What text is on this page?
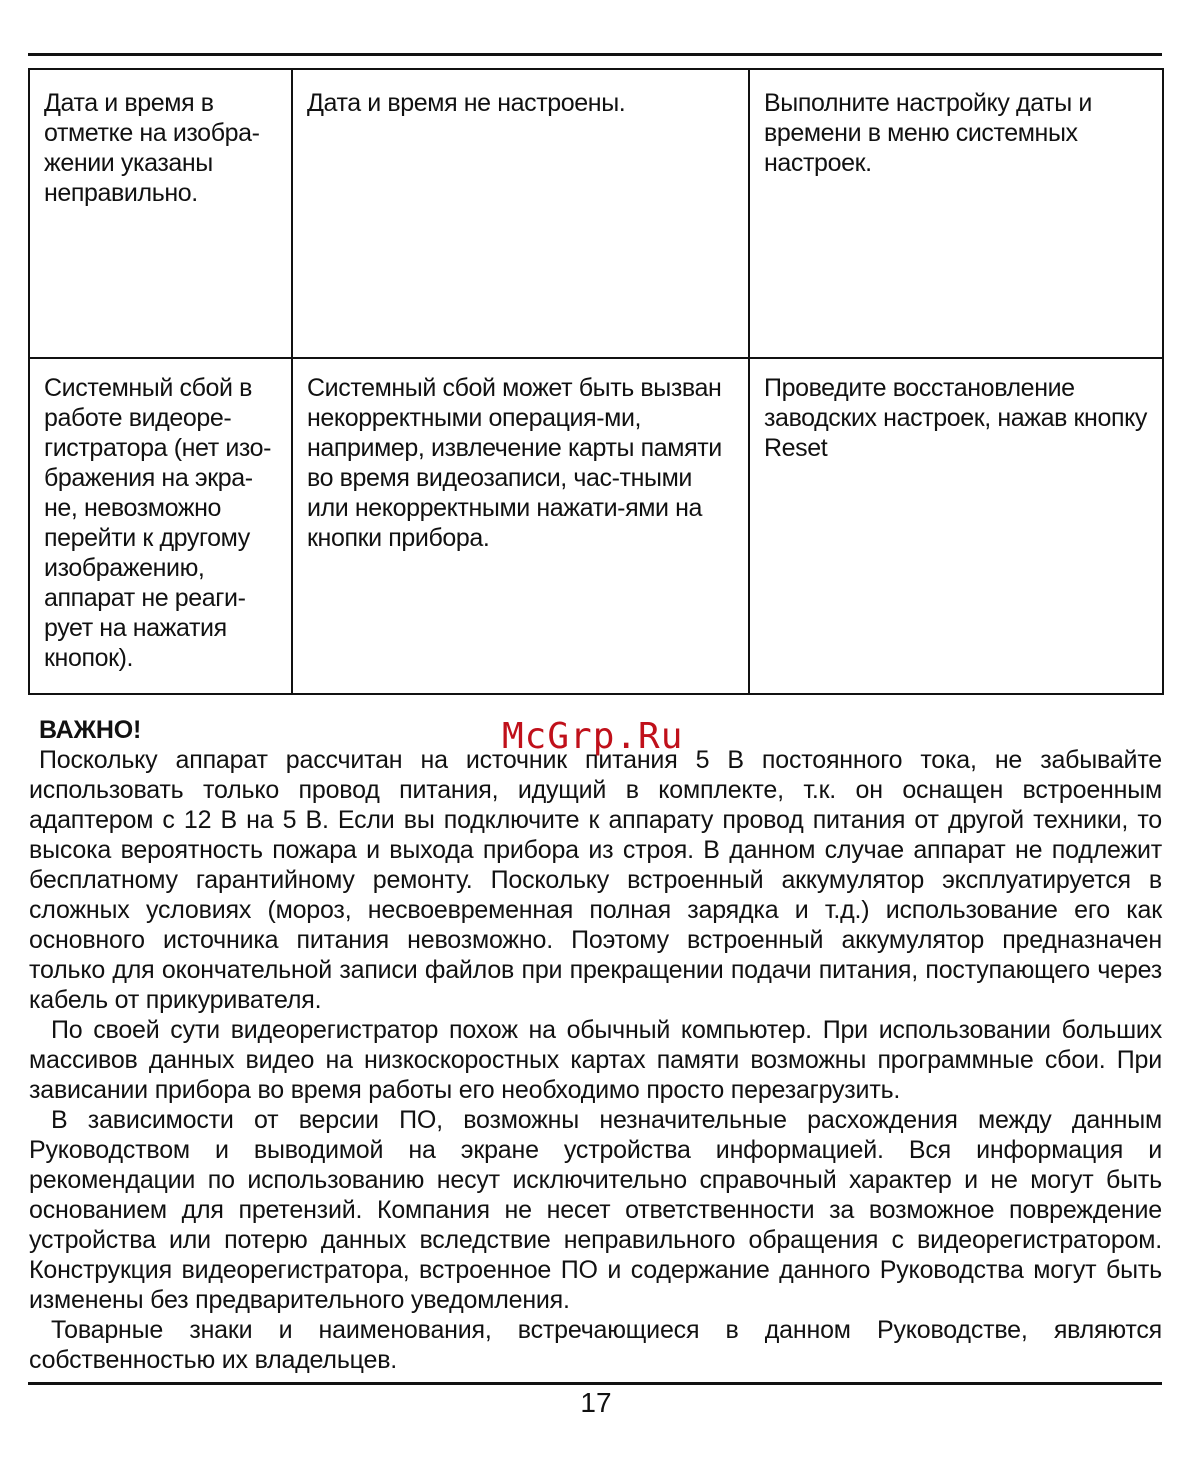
Дата и время в отметке на изобра-жении указаны неправильно.	Дата и время не настроены.	Выполните настройку даты и времени в меню системных настроек.
Системный сбой в работе видеоре-гистратора (нет изо-бражения на экра-не, невозможно перейти к другому изображению, аппарат не реаги-рует на нажатия кнопок).	Системный сбой может быть вызван некорректными операция-ми, например, извлечение карты памяти во время видеозаписи, час-тными или некорректными нажати-ями на кнопки прибора.	Проведите восстановление заводских настроек, нажав кнопку Reset
ВАЖНО!

Поскольку аппарат рассчитан на источник питания 5 В постоянного тока, не забывайте использовать только провод питания, идущий в комплекте, т.к. он оснащен встроенным адаптером с 12 В на 5 В. Если вы подключите к аппарату провод питания от другой техники, то высока вероятность пожара и выхода прибора из строя. В данном случае аппарат не подлежит бесплатному гарантийному ремонту. Поскольку встроенный аккумулятор эксплуатируется в сложных условиях (мороз, несвоевременная полная зарядка и т.д.) использование его как основного источника питания невозможно. Поэтому встроенный аккумулятор предназначен только для окончательной записи файлов при прекращении подачи питания, поступающего через кабель от прикуривателя.

По своей сути видеорегистратор похож на обычный компьютер. При использовании больших массивов данных видео на низкоскоростных картах памяти возможны программные сбои. При зависании прибора во время работы его необходимо просто перезагрузить.

В зависимости от версии ПО, возможны незначительные расхождения между данным Руководством и выводимой на экране устройства информацией. Вся информация и рекомендации по использованию несут исключительно справочный характер и не могут быть основанием для претензий. Компания не несет ответственности за возможное повреждение устройства или потерю данных вследствие неправильного обращения с видеорегистратором. Конструкция видеорегистратора, встроенное ПО и содержание данного Руководства могут быть изменены без предварительного уведомления.

Товарные знаки и наименования, встречающиеся в данном Руководстве, являются собственностью их владельцев.

McGrp.Ru
17
